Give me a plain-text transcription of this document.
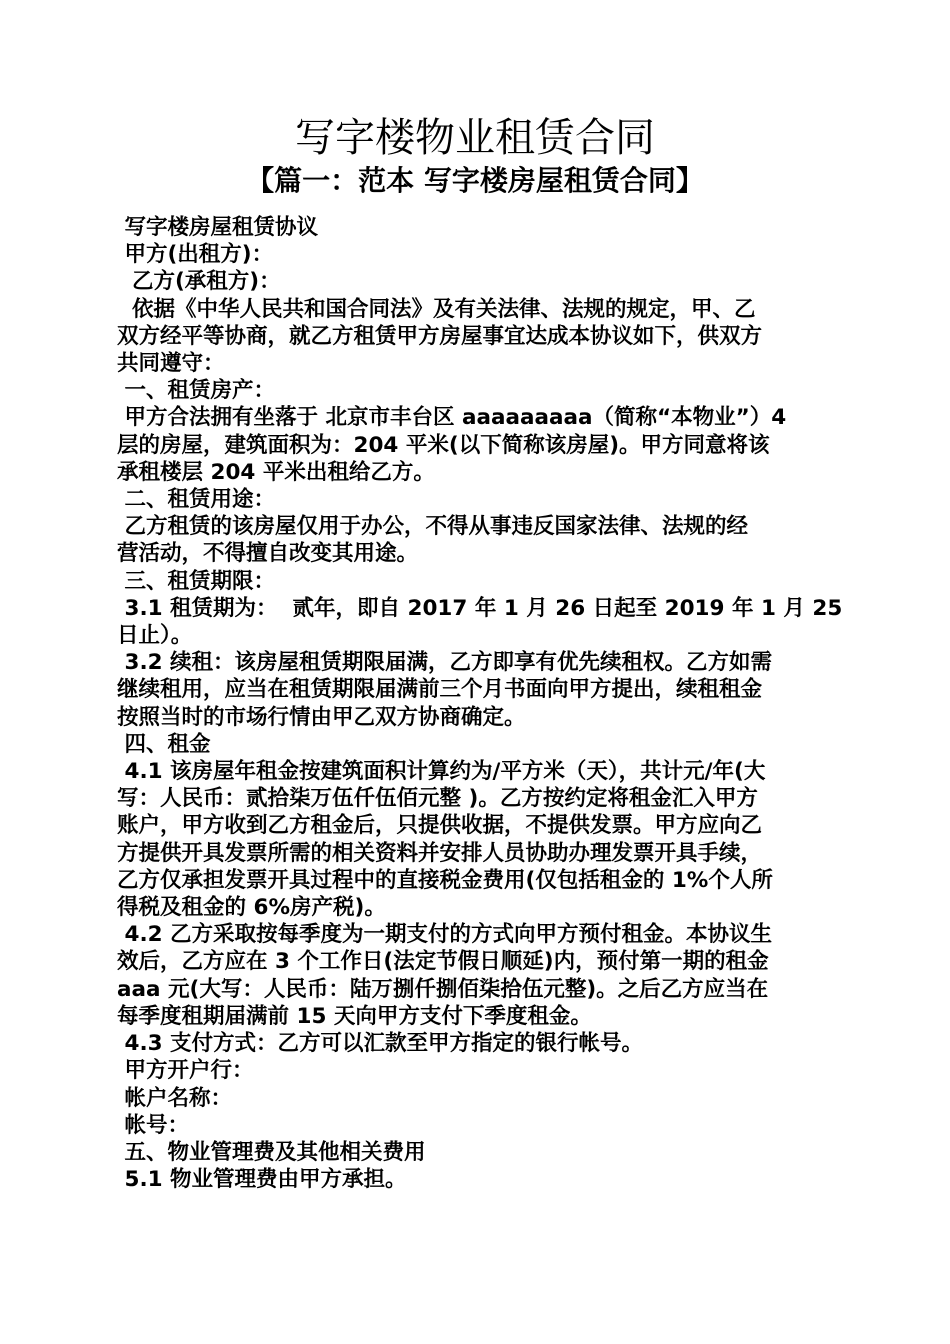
写字楼物业租赁合同
【篇一：范本 写字楼房屋租赁合同】

写字楼房屋租赁协议

甲方(出租方)：

乙方(承租方)：

依据《中华人民共和国合同法》及有关法律、法规的规定，甲、乙

双方经平等协商，就乙方租赁甲方房屋事宜达成本协议如下，供双方

共同遵守：

一、租赁房产：

甲方合法拥有坐落于 北京市丰台区 aaaaaaaaa（简称“本物业”）4

层的房屋，建筑面积为：204 平米(以下简称该房屋)。甲方同意将该

承租楼层 204 平米出租给乙方。

二、租赁用途：

乙方租赁的该房屋仅用于办公，不得从事违反国家法律、法规的经

营活动，不得擅自改变其用途。

三、租赁期限：

3.1 租赁期为：  贰年，即自 2017 年 1 月 26 日起至 2019 年 1 月 25

日止）。

3.2 续租：该房屋租赁期限届满，乙方即享有优先续租权。乙方如需

继续租用，应当在租赁期限届满前三个月书面向甲方提出，续租租金

按照当时的市场行情由甲乙双方协商确定。

四、租金

4.1 该房屋年租金按建筑面积计算约为/平方米（天），共计元/年(大

写：人民币：贰拾柒万伍仟伍佰元整 )。乙方按约定将租金汇入甲方

账户，甲方收到乙方租金后，只提供收据，不提供发票。甲方应向乙

方提供开具发票所需的相关资料并安排人员协助办理发票开具手续，

乙方仅承担发票开具过程中的直接税金费用(仅包括租金的 1%个人所

得税及租金的 6%房产税)。

4.2 乙方采取按每季度为一期支付的方式向甲方预付租金。本协议生

效后，乙方应在 3 个工作日(法定节假日顺延)内，预付第一期的租金

aaa 元(大写：人民币：陆万捌仟捌佰柒拾伍元整)。之后乙方应当在

每季度租期届满前 15 天向甲方支付下季度租金。

4.3 支付方式：乙方可以汇款至甲方指定的银行帐号。

甲方开户行：

帐户名称：

帐号：

五、物业管理费及其他相关费用

5.1 物业管理费由甲方承担。
